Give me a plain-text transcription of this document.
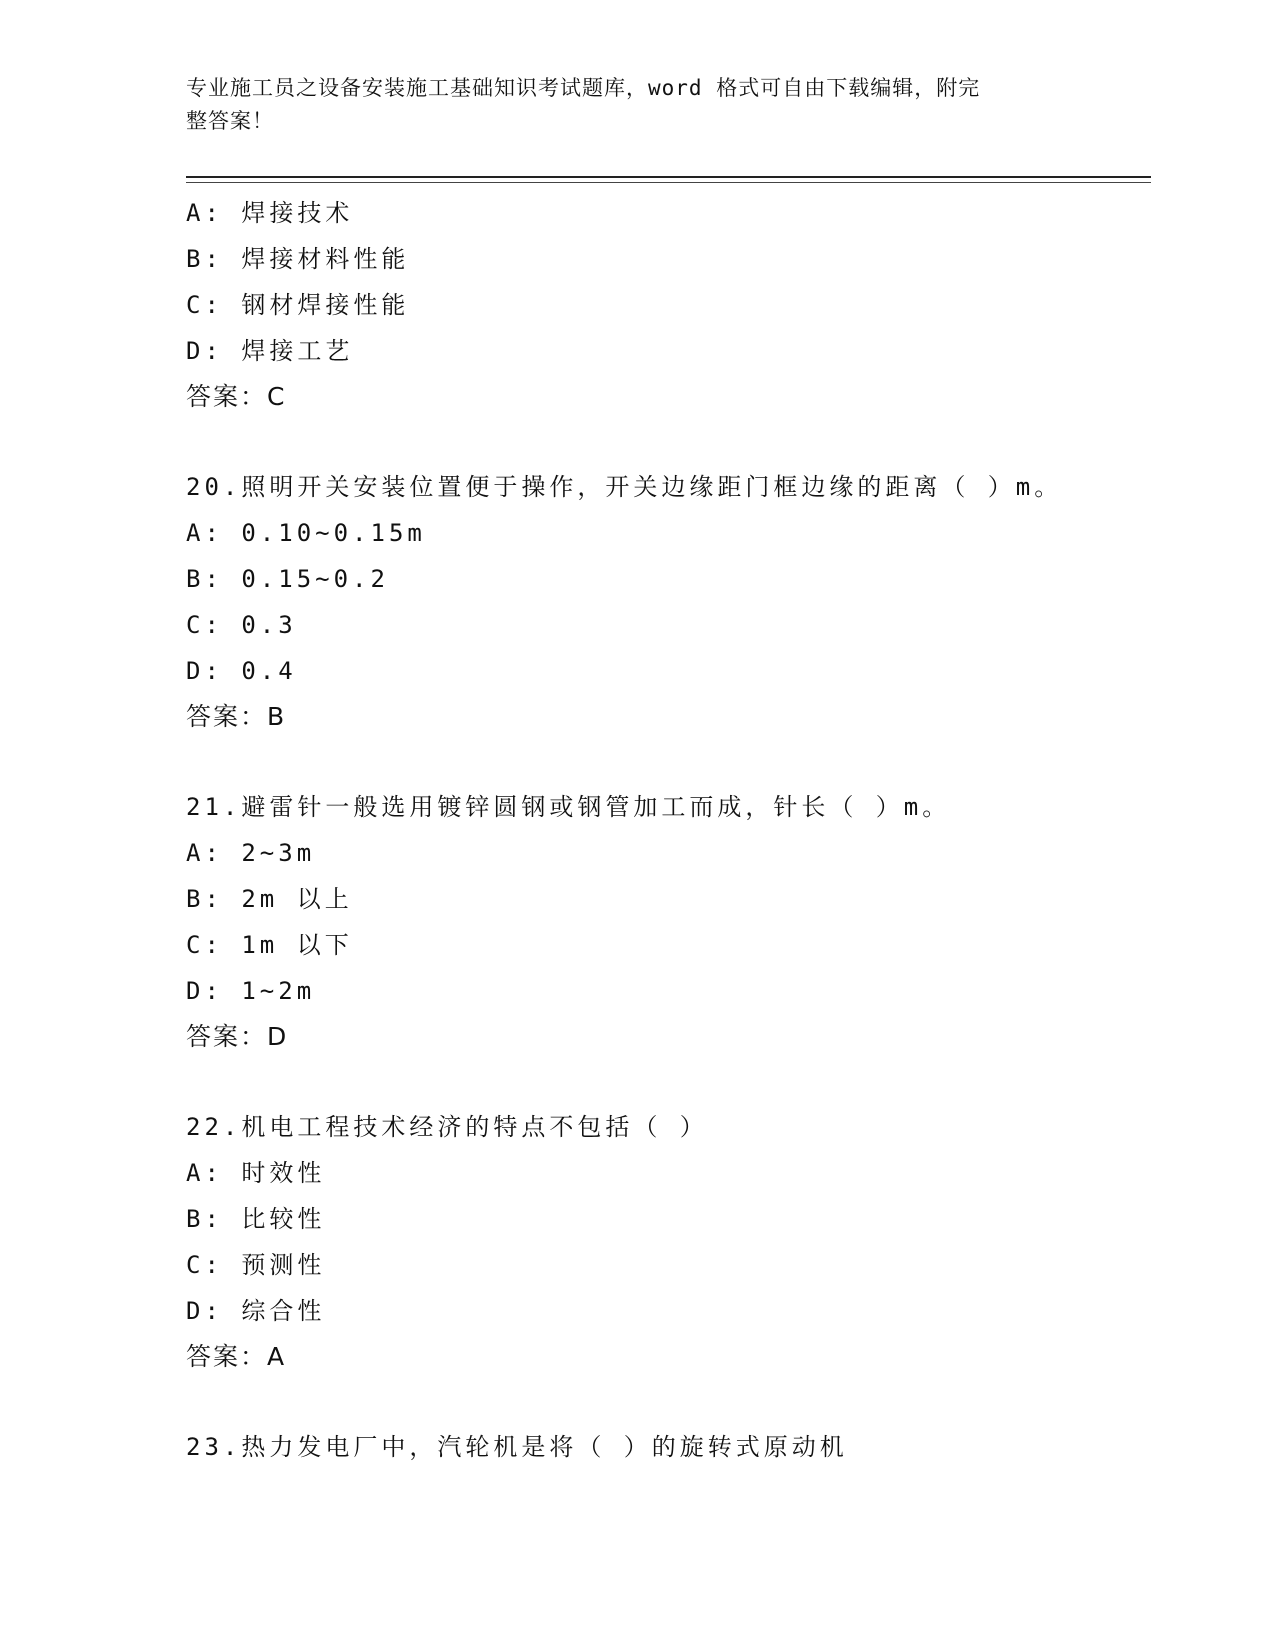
专业施工员之设备安装施工基础知识考试题库，word 格式可自由下载编辑，附完
整答案！
A: 焊接技术
B: 焊接材料性能
C: 钢材焊接性能
D: 焊接工艺
答案：C
20.照明开关安装位置便于操作，开关边缘距门框边缘的距离（ ）m。
A: 0.10~0.15m
B: 0.15~0.2
C: 0.3
D: 0.4
答案：B
21.避雷针一般选用镀锌圆钢或钢管加工而成，针长（ ）m。
A: 2~3m
B: 2m 以上
C: 1m 以下
D: 1~2m
答案：D
22.机电工程技术经济的特点不包括（ ）
A: 时效性
B: 比较性
C: 预测性
D: 综合性
答案：A
23.热力发电厂中，汽轮机是将（ ）的旋转式原动机
